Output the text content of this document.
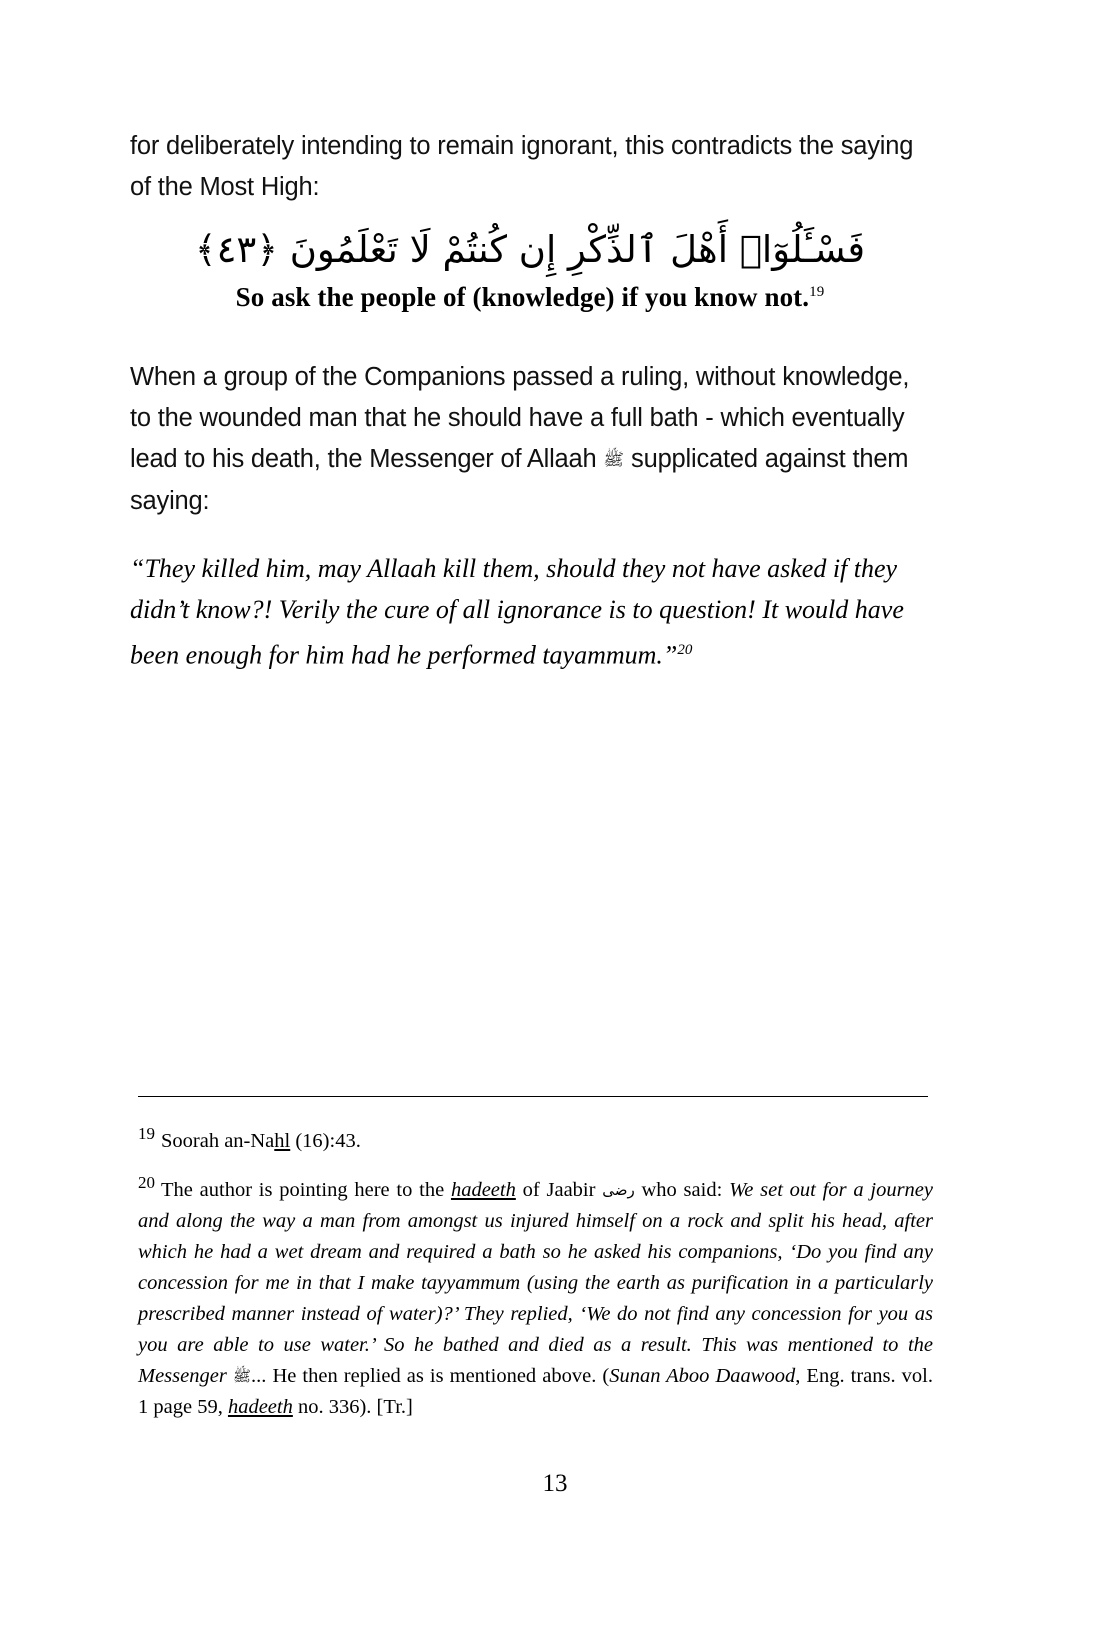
for deliberately intending to remain ignorant, this contradicts the saying of the Most High:

فَسْـَٔلُوٓا۟ أَهْلَ ٱلذِّكْرِ إِن كُنتُمْ لَا تَعْلَمُونَ ﴿٤٣﴾

So ask the people of (knowledge) if you know not.$^{19}$

When a group of the Companions passed a ruling, without knowledge, to the wounded man that he should have a full bath - which eventually lead to his death, the Messenger of Allaah ﷺ supplicated against them saying:

“They killed him, may Allaah kill them, should they not have asked if they didn’t know?! Verily the cure of all ignorance is to question! It would have been enough for him had he performed tayammum.”$^{20}$

$^{19}$ Soorah an-Nahl (16):43.
$^{20}$ The author is pointing here to the hadeeth of Jaabir رضی who said: We set out for a journey and along the way a man from amongst us injured himself on a rock and split his head, after which he had a wet dream and required a bath so he asked his companions, ‘Do you find any concession for me in that I make tayyammum (using the earth as purification in a particularly prescribed manner instead of water)?’ They replied, ‘We do not find any concession for you as you are able to use water.’ So he bathed and died as a result. This was mentioned to the Messenger ﷺ... He then replied as is mentioned above. (Sunan Aboo Daawood, Eng. trans. vol. 1 page 59, hadeeth no. 336). [Tr.]
13
